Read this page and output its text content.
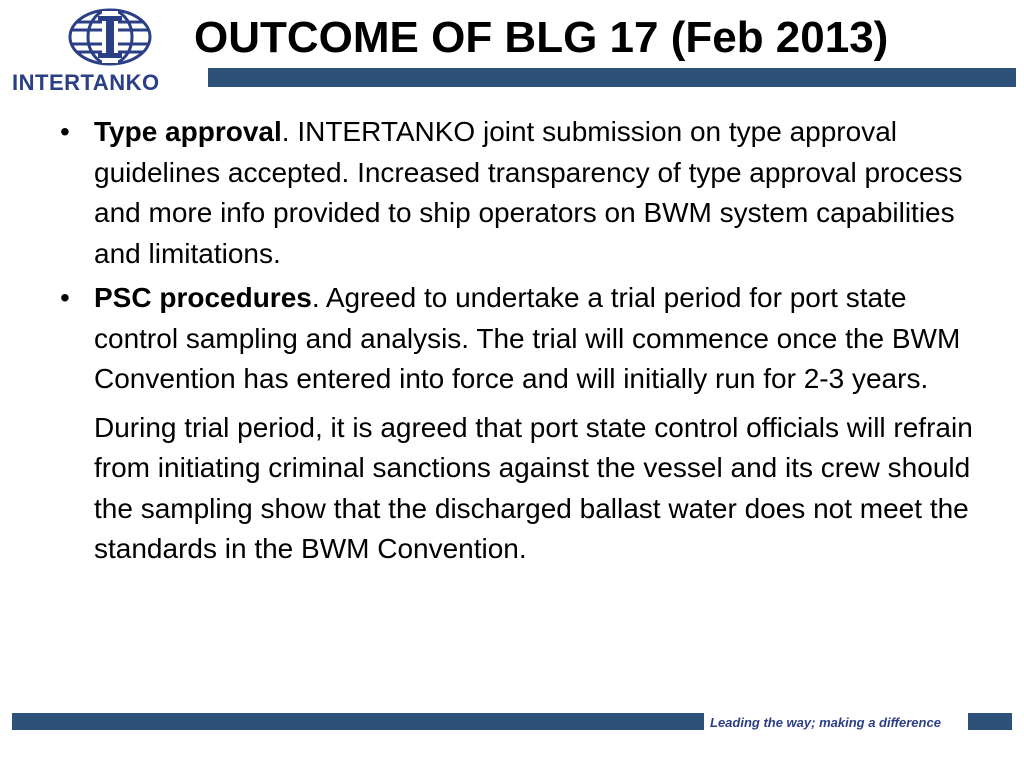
INTERTANKO
OUTCOME OF BLG 17 (Feb 2013)
• Type approval. INTERTANKO joint submission on type approval guidelines accepted. Increased transparency of type approval process and more info provided to ship operators on BWM system capabilities and limitations.
• PSC procedures. Agreed to undertake a trial period for port state control sampling and analysis. The trial will commence once the BWM Convention has entered into force and will initially run for 2-3 years.
During trial period, it is agreed that port state control officials will refrain from initiating criminal sanctions against the vessel and its crew should the sampling show that the discharged ballast water does not meet the standards in the BWM Convention.
Leading the way; making a difference
